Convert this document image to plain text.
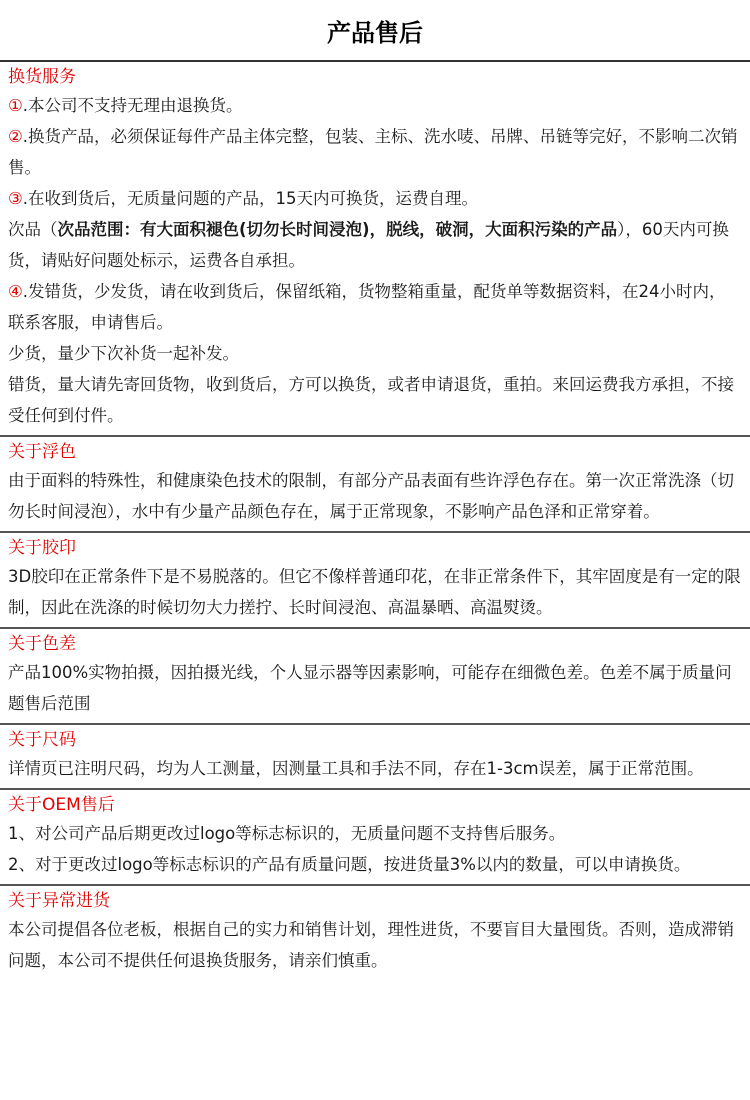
产品售后
换货服务

①.本公司不支持无理由退换货。

②.换货产品，必须保证每件产品主体完整，包装、主标、洗水唛、吊牌、吊链等完好，不影响二次销售。

③.在收到货后，无质量问题的产品，15天内可换货，运费自理。

次品（次品范围：有大面积褪色(切勿长时间浸泡)，脱线，破洞，大面积污染的产品），60天内可换货，请贴好问题处标示，运费各自承担。

④.发错货，少发货，请在收到货后，保留纸箱，货物整箱重量，配货单等数据资料，在24小时内，联系客服，申请售后。

少货，量少下次补货一起补发。

错货，量大请先寄回货物，收到货后，方可以换货，或者申请退货，重拍。来回运费我方承担，不接受任何到付件。

关于浮色

由于面料的特殊性，和健康染色技术的限制，有部分产品表面有些许浮色存在。第一次正常洗涤（切勿长时间浸泡），水中有少量产品颜色存在，属于正常现象，不影响产品色泽和正常穿着。

关于胶印

3D胶印在正常条件下是不易脱落的。但它不像样普通印花，在非正常条件下，其牢固度是有一定的限制，因此在洗涤的时候切勿大力搓拧、长时间浸泡、高温暴晒、高温熨烫。

关于色差

产品100%实物拍摄，因拍摄光线，个人显示器等因素影响，可能存在细微色差。色差不属于质量问题售后范围

关于尺码

详情页已注明尺码，均为人工测量，因测量工具和手法不同，存在1-3cm误差，属于正常范围。

关于OEM售后

1、对公司产品后期更改过logo等标志标识的，无质量问题不支持售后服务。

2、对于更改过logo等标志标识的产品有质量问题，按进货量3%以内的数量，可以申请换货。

关于异常进货

本公司提倡各位老板，根据自己的实力和销售计划，理性进货，不要盲目大量囤货。否则，造成滞销问题，本公司不提供任何退换货服务，请亲们慎重。
